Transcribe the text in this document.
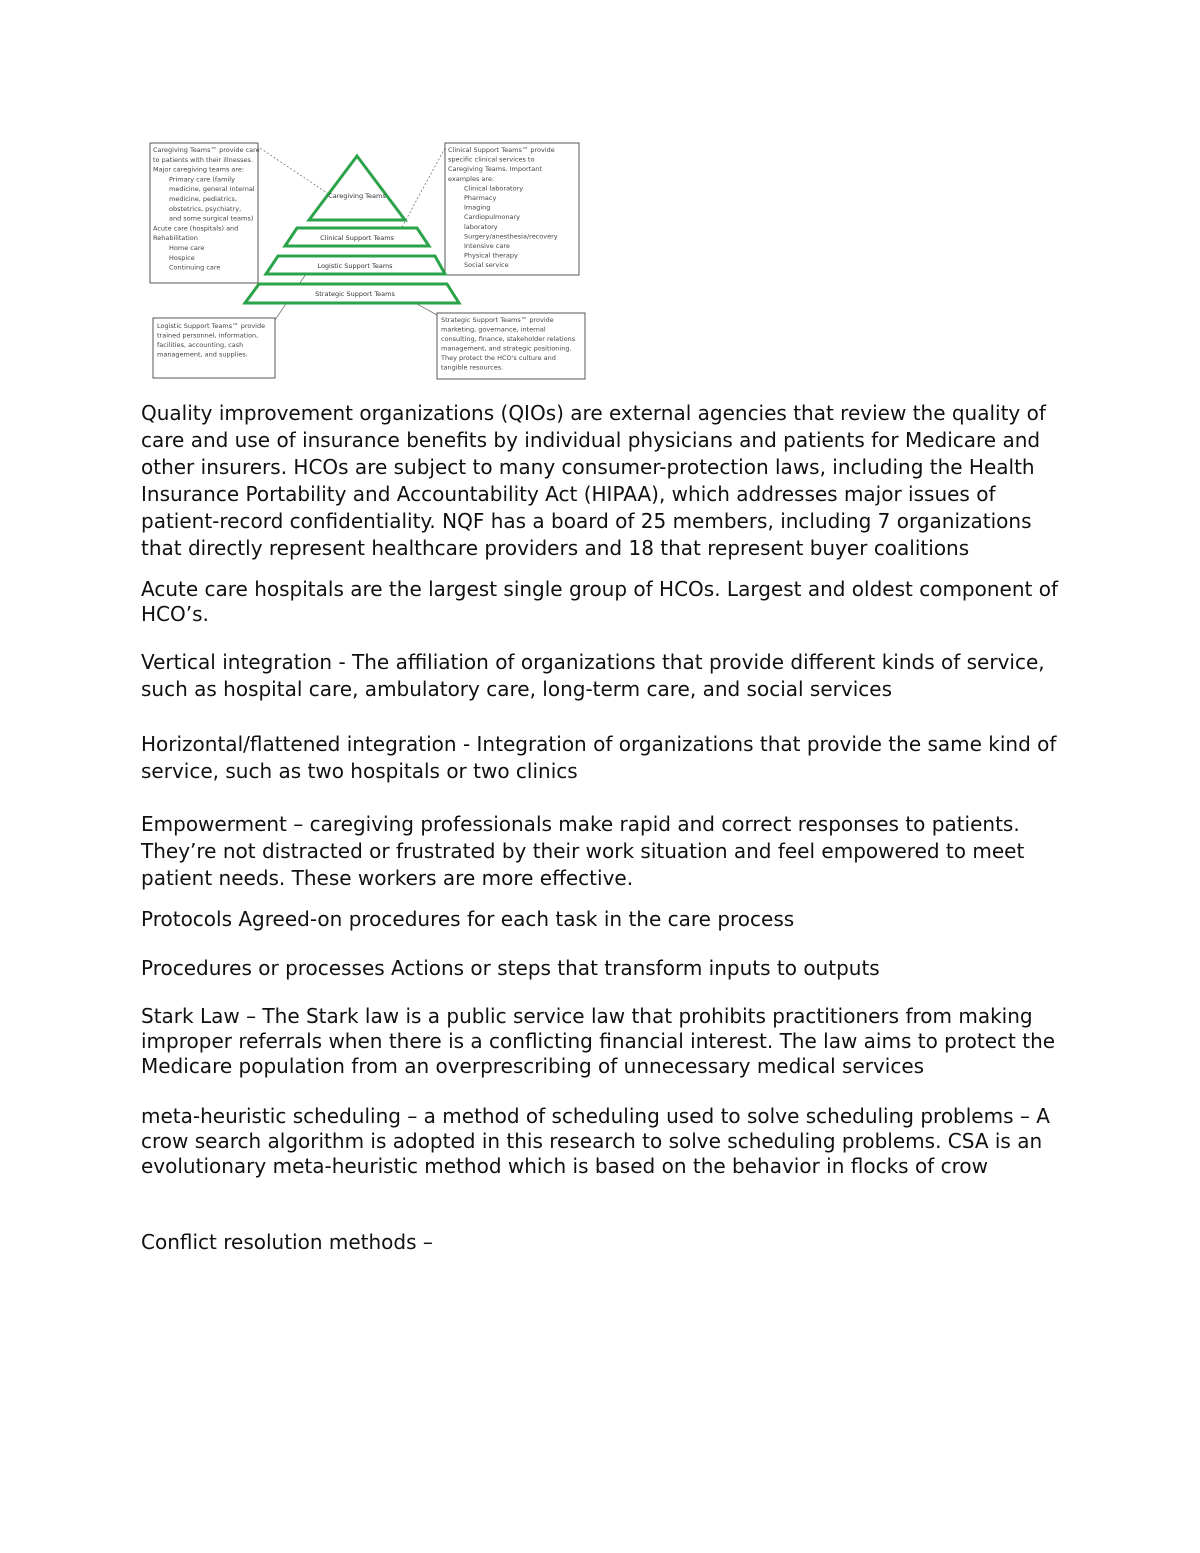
Caregiving Teams
Clinical Support Teams
Logistic Support Teams
Strategic Support Teams
Caregiving Teams™ provide care
to patients with their illnesses.
Major caregiving teams are:
Primary care (family
medicine, general internal
medicine, pediatrics,
obstetrics, psychiatry,
and some surgical teams)
Acute care (hospitals) and
Rehabilitation
Home care
Hospice
Continuing care
Clinical Support Teams™ provide
specific clinical services to
Caregiving Teams. Important
examples are:
Clinical laboratory
Pharmacy
Imaging
Cardiopulmonary
laboratory
Surgery/anesthesia/recovery
Intensive care
Physical therapy
Social service
Logistic Support Teams™ provide
trained personnel, information,
facilities, accounting, cash
management, and supplies.
Strategic Support Teams™ provide
marketing, governance, internal
consulting, finance, stakeholder relations
management, and strategic positioning.
They protect the HCO's culture and
tangible resources.

Quality improvement organizations (QIOs) are external agencies that review the quality of care and use of insurance benefits by individual physicians and patients for Medicare and other insurers. HCOs are subject to many consumer-protection laws, including the Health Insurance Portability and Accountability Act (HIPAA), which addresses major issues of patient-record confidentiality. NQF has a board of 25 members, including 7 organizations that directly represent healthcare providers and 18 that represent buyer coalitions

Acute care hospitals are the largest single group of HCOs. Largest and oldest component of HCO’s.

Vertical integration - The affiliation of organizations that provide different kinds of service, such as hospital care, ambulatory care, long-term care, and social services

Horizontal/flattened integration - Integration of organizations that provide the same kind of service, such as two hospitals or two clinics

Empowerment – caregiving professionals make rapid and correct responses to patients. They’re not distracted or frustrated by their work situation and feel empowered to meet patient needs. These workers are more effective.

Protocols Agreed-on procedures for each task in the care process

Procedures or processes Actions or steps that transform inputs to outputs

Stark Law – The Stark law is a public service law that prohibits practitioners from making improper referrals when there is a conflicting financial interest. The law aims to protect the Medicare population from an overprescribing of unnecessary medical services

meta-heuristic scheduling – a method of scheduling used to solve scheduling problems – A crow search algorithm is adopted in this research to solve scheduling problems. CSA is an evolutionary meta-heuristic method which is based on the behavior in flocks of crow

Conflict resolution methods –
